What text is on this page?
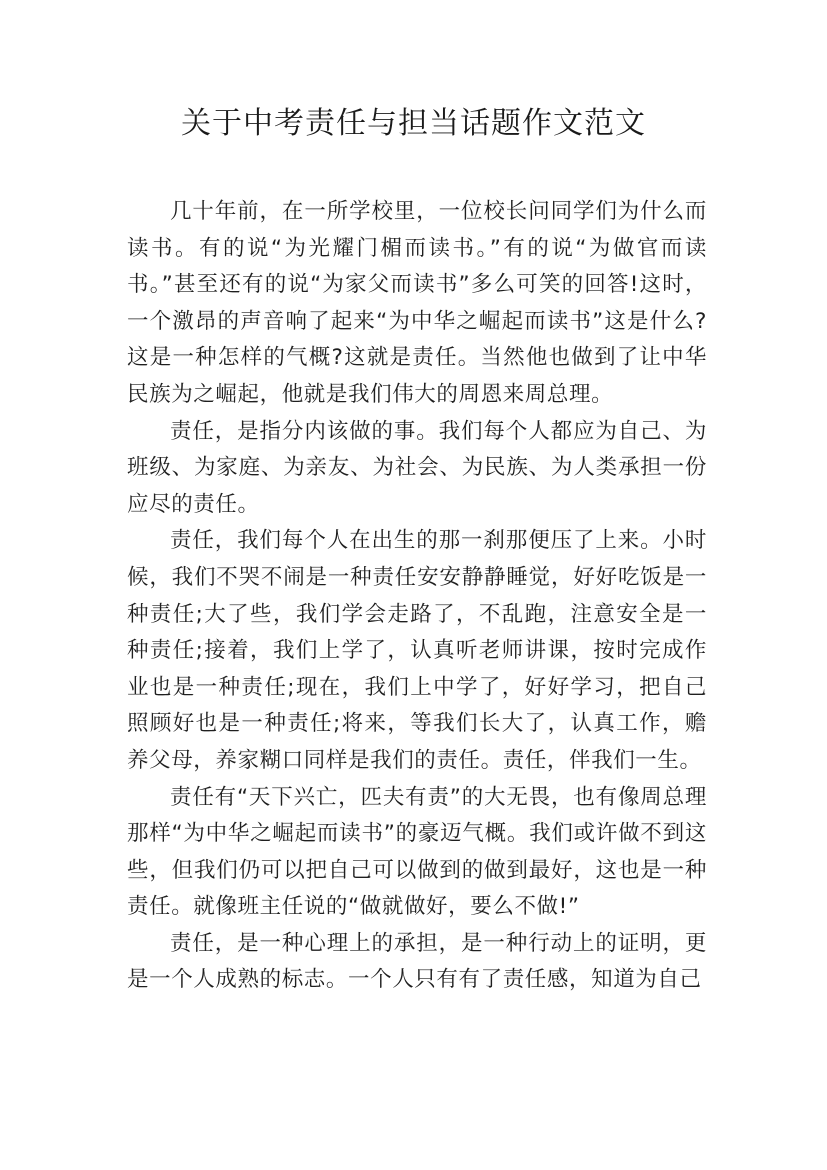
关于中考责任与担当话题作文范文

几十年前，在一所学校里，一位校长问同学们为什么而读书。有的说“为光耀门楣而读书。”有的说“为做官而读书。”甚至还有的说“为家父而读书”多么可笑的回答!这时，一个激昂的声音响了起来“为中华之崛起而读书”这是什么?这是一种怎样的气概?这就是责任。当然他也做到了让中华民族为之崛起，他就是我们伟大的周恩来周总理。

责任，是指分内该做的事。我们每个人都应为自己、为班级、为家庭、为亲友、为社会、为民族、为人类承担一份应尽的责任。

责任，我们每个人在出生的那一刹那便压了上来。小时候，我们不哭不闹是一种责任安安静静睡觉，好好吃饭是一种责任;大了些，我们学会走路了，不乱跑，注意安全是一种责任;接着，我们上学了，认真听老师讲课，按时完成作业也是一种责任;现在，我们上中学了，好好学习，把自己照顾好也是一种责任;将来，等我们长大了，认真工作，赡养父母，养家糊口同样是我们的责任。责任，伴我们一生。

责任有“天下兴亡，匹夫有责”的大无畏，也有像周总理那样“为中华之崛起而读书”的豪迈气概。我们或许做不到这些，但我们仍可以把自己可以做到的做到最好，这也是一种责任。就像班主任说的“做就做好，要么不做!”

责任，是一种心理上的承担，是一种行动上的证明，更是一个人成熟的标志。一个人只有有了责任感，知道为自己
